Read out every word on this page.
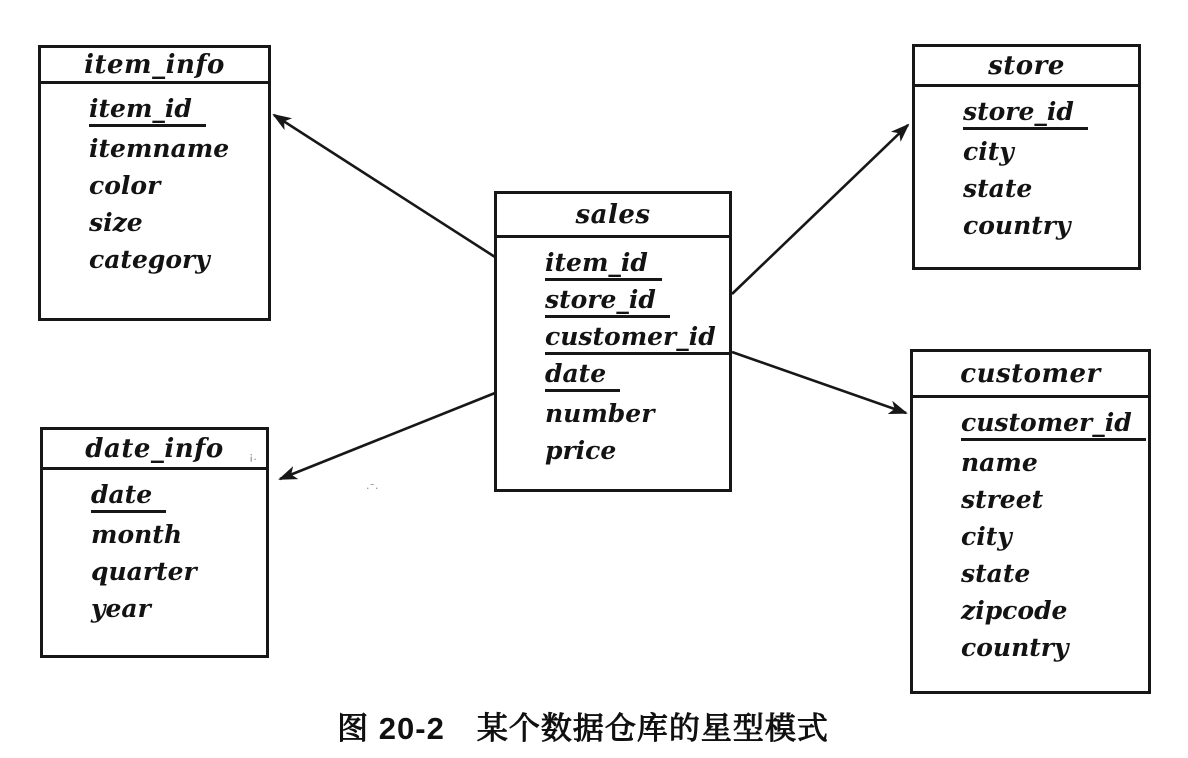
item_info
item_id
itemname
color
size
category
store
store_id
city
state
country
sales
item_id
store_id
customer_id
date
number
price
date_info
date
month
quarter
year
customer
customer_id
name
street
city
state
zipcode
country
图 20-2　某个数据仓库的星型模式
·¯·
¡.
